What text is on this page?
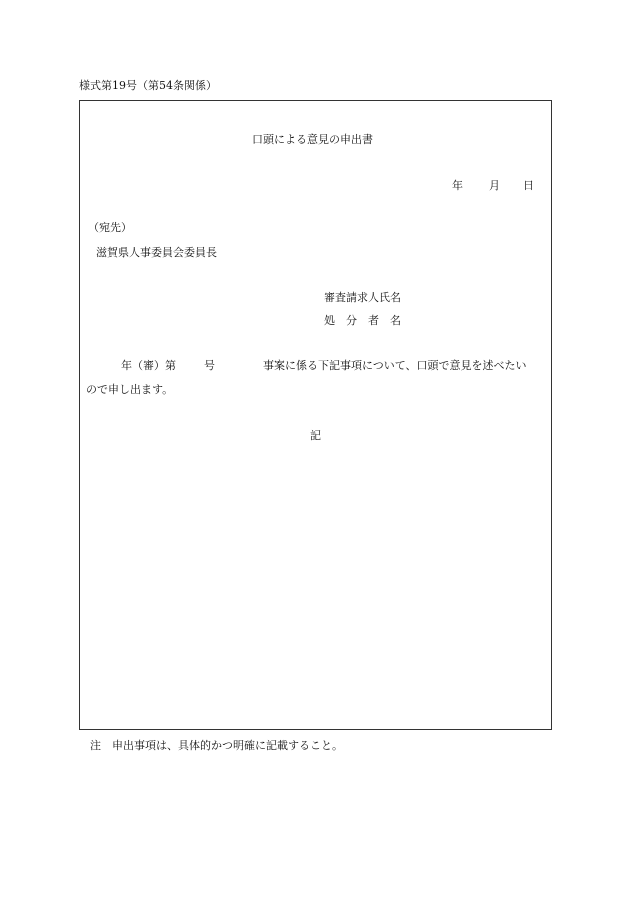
様式第19号（第54条関係）
口頭による意見の申出書
年 月 日
（宛先）
滋賀県人事委員会委員長
審査請求人氏名
処　分　者　名
年（審）第	号	事案に係る下記事項について、口頭で意見を述べたい
ので申し出ます。
記
注　申出事項は、具体的かつ明確に記載すること。
